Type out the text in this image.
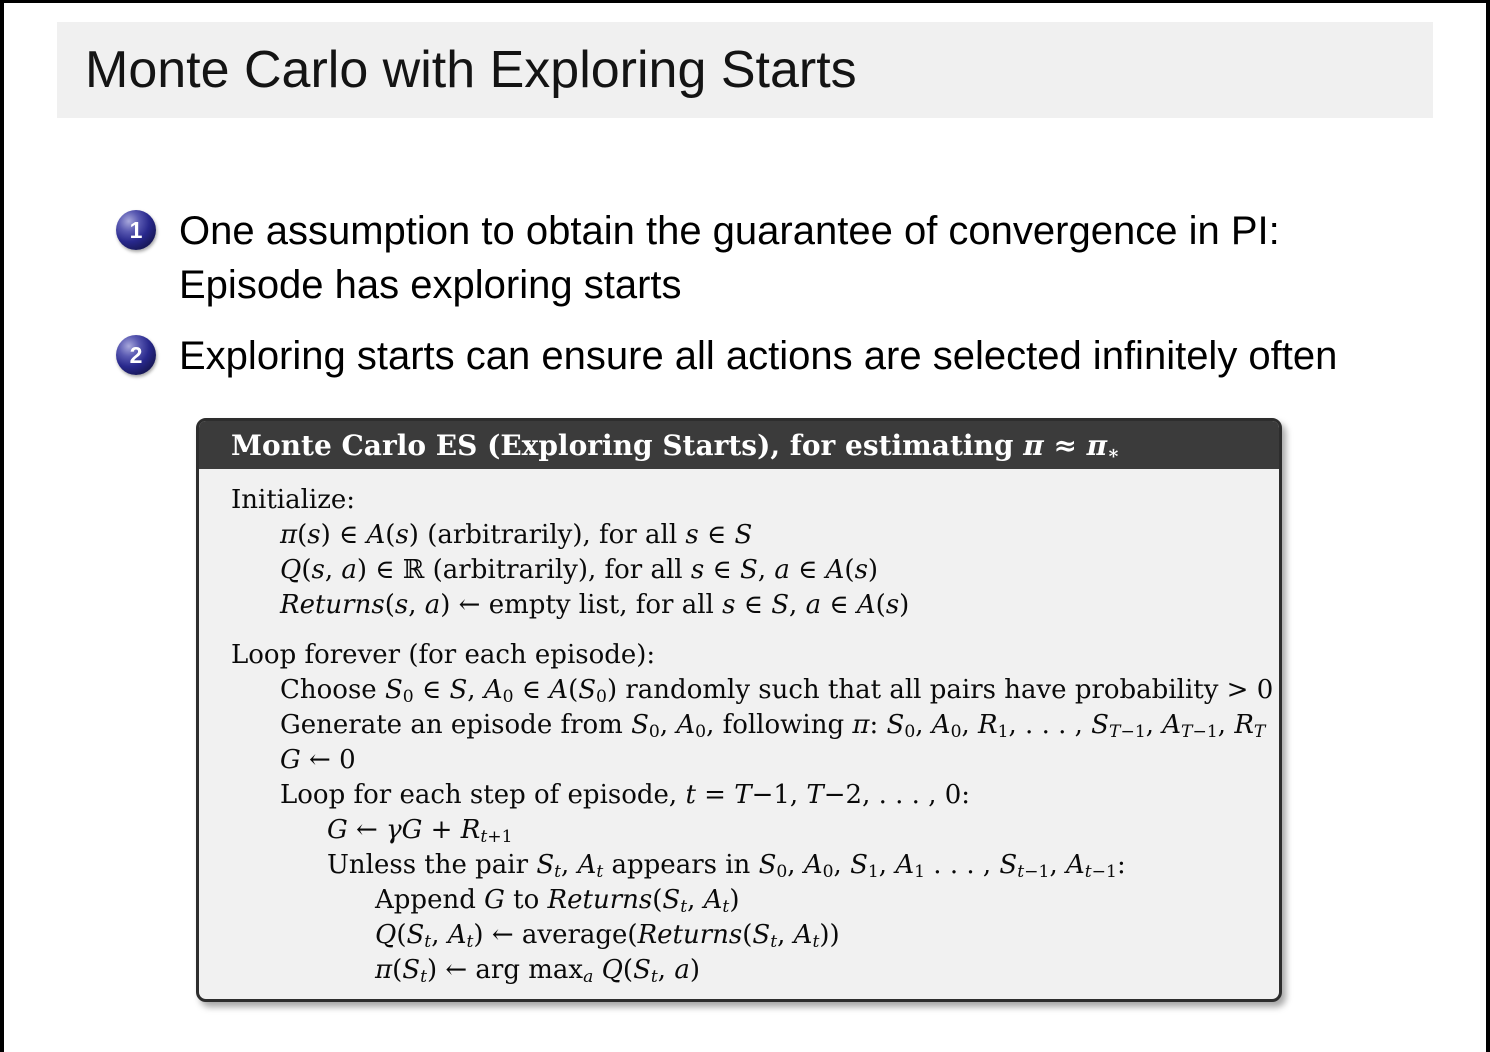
Monte Carlo with Exploring Starts
1 One assumption to obtain the guarantee of convergence in PI:
Episode has exploring starts
2 Exploring starts can ensure all actions are selected infinitely often
Monte Carlo ES (Exploring Starts), for estimating $\pi \approx \pi_∗$
Initialize:
π(s) ∈ A(s) (arbitrarily), for all s ∈ S
Q(s, a) ∈ ℝ (arbitrarily), for all s ∈ S, a ∈ A(s)
Returns(s, a) ← empty list, for all s ∈ S, a ∈ A(s)
Loop forever (for each episode):
Choose $S_0$ ∈ S, $A_0$ ∈ $A(S_0)$ randomly such that all pairs have probability > 0
Generate an episode from $S_0$, $A_0$, following π: $S_0$, $A_0$, $R_1$, . . . , $S_{T-1}$, $A_{T-1}$, $R_T$
G ← 0
Loop for each step of episode, t = T−1, T−2, . . . , 0:
G ← $\gamma G + R_{t+1}$
Unless the pair $S_t$, $A_t$ appears in $S_0$, $A_0$, $S_1$, $A_1$ . . . , $S_{t-1}$, $A_{t-1}$:
Append G to $Returns(S_t$, $A_t$)
$Q(S_t$, $A_t$) ← $average(Returns(S_t$, $A_t$))
$\pi(S_t)$ ← arg $\max_a Q(S_t$, a)
